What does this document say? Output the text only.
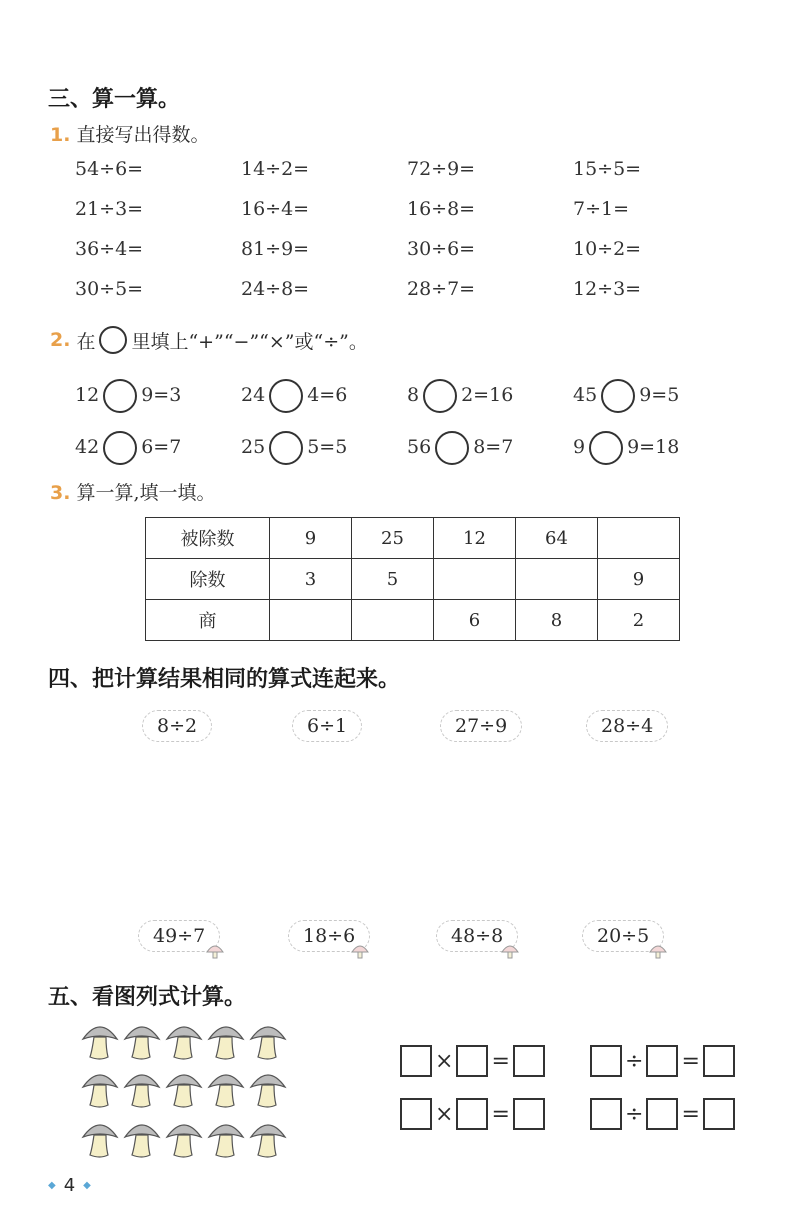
三、算一算。
1. 直接写出得数。
54÷6=	14÷2=	72÷9=	15÷5=
21÷3=	16÷4=	16÷8=	7÷1=
36÷4=	81÷9=	30÷6=	10÷2=
30÷5=	24÷8=	28÷7=	12÷3=
2. 在 里填上“+”“−”“×”或“÷”。
12 9=3	24 4=6	8 2=16	45 9=5
42 6=7	25 5=5	56 8=7	9 9=18
3. 算一算,填一填。
被除数	9	25	12	64	
除数	3	5			9
商			6	8	2
四、把计算结果相同的算式连起来。
8÷2	6÷1	27÷9	28÷4
49÷7	18÷6	48÷8	20÷5
五、看图列式计算。
× =	÷ =
× =	÷ =
◆ 4 ◆
